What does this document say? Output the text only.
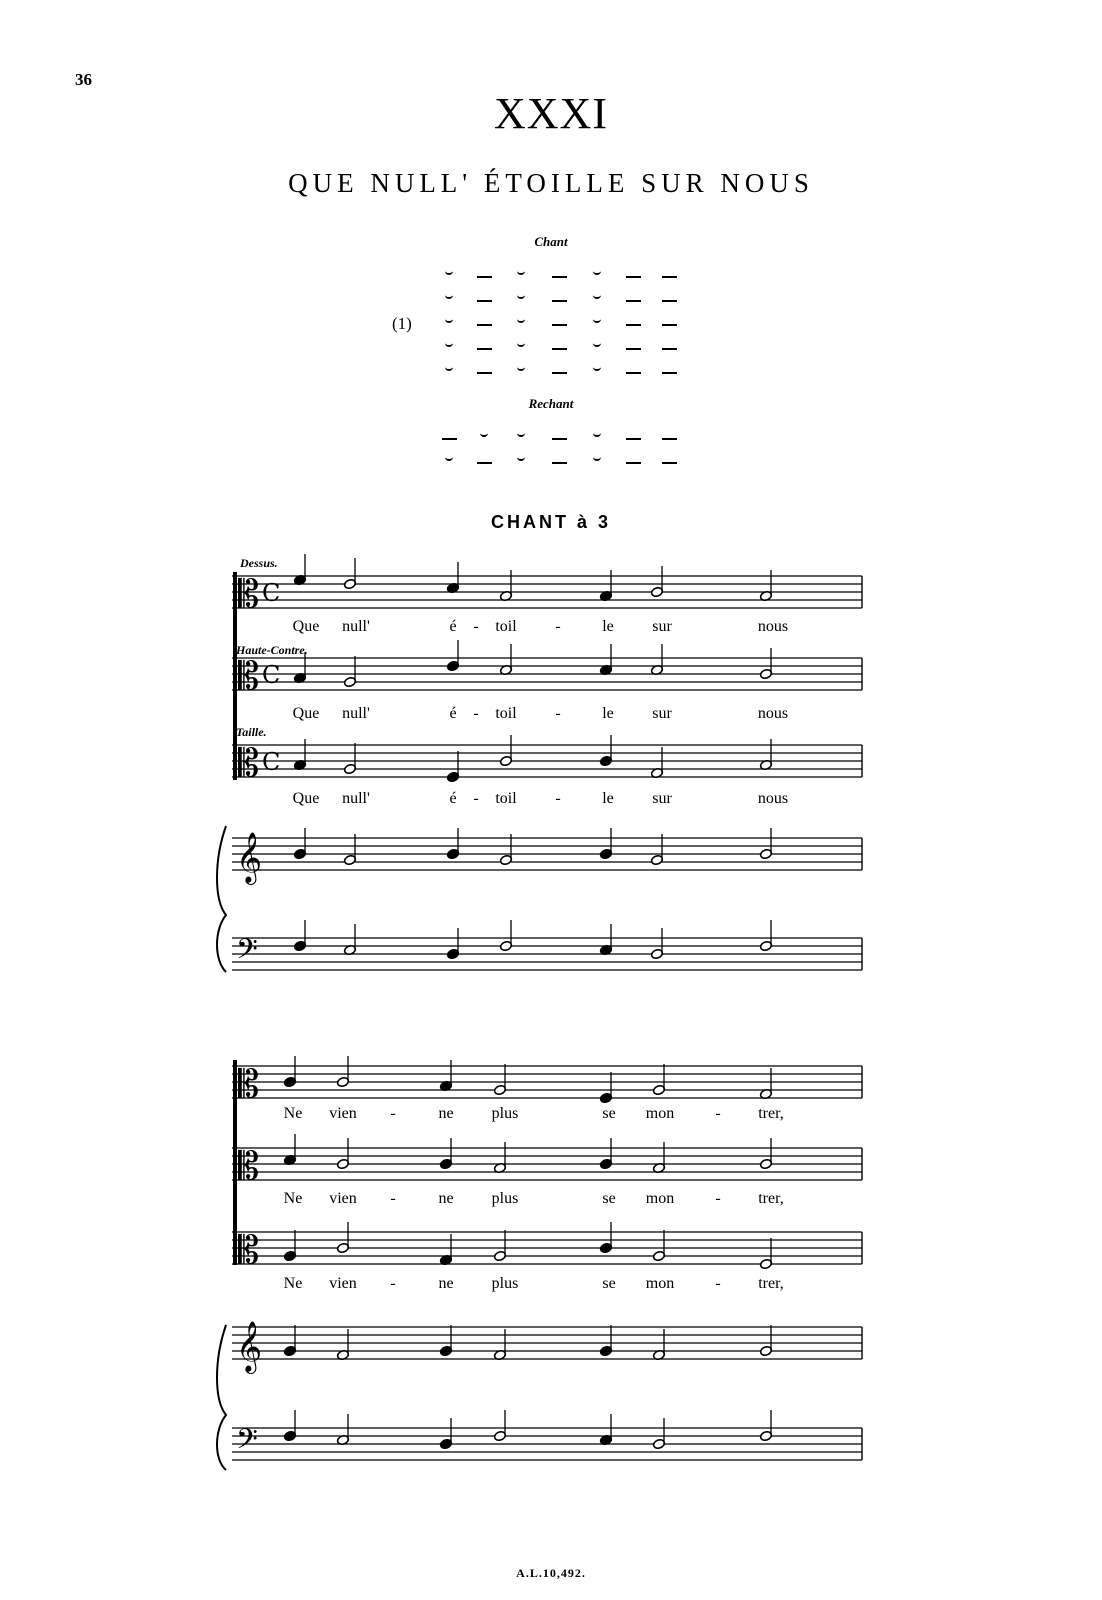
36
XXXI
QUE NULL' ÉTOILLE SUR NOUS
Chant
(1)
Rechant
CHANT à 3
Dessus.
Haute-Contre.
Taille.
𝄡 C
𝄡 C
𝄡 C
𝄞
𝄢
𝄡
𝄡
𝄡
𝄞
𝄢
Que null'	é - toil -	le sur	nous
Que null'	é - toil -	le sur	nous
Que null'	é - toil -	le sur	nous
Ne vien -	ne plus	se mon	- trer,
Ne vien -	ne plus	se mon	- trer,
Ne vien -	ne plus	se mon	- trer,
A.L.10,492.
